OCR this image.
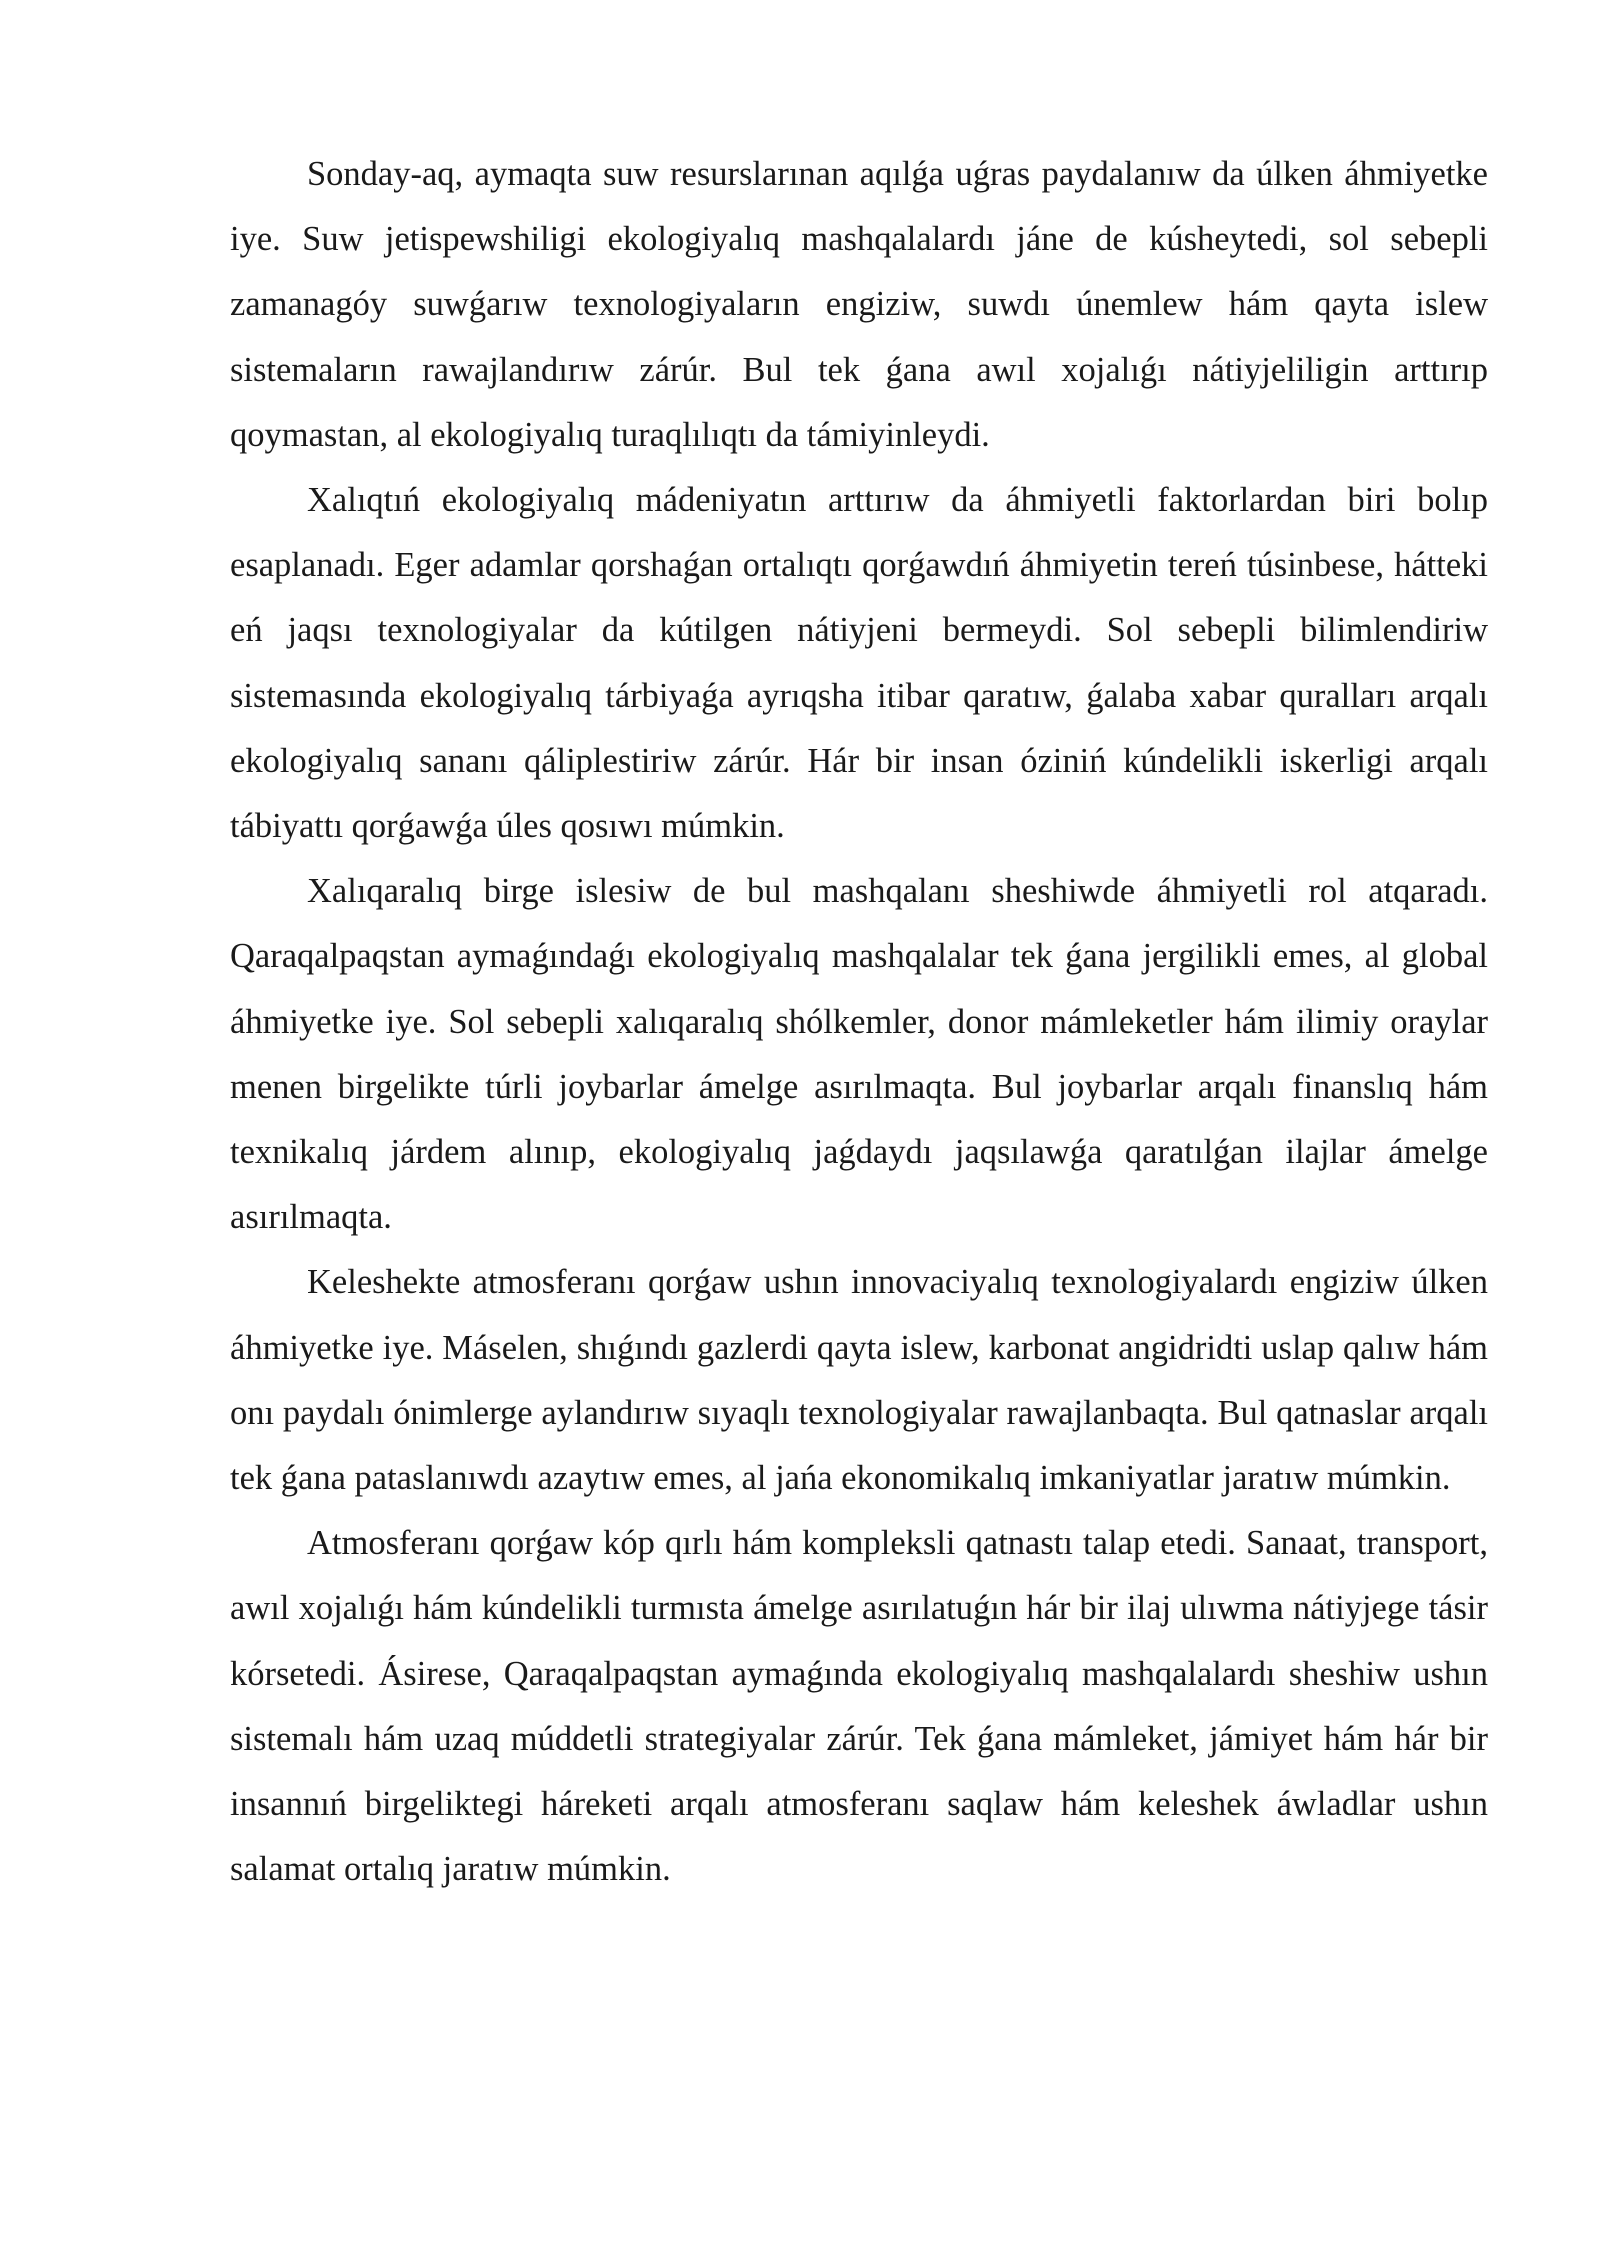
Sonday-aq, aymaqta suw resurslarınan aqılǵa uǵras paydalanıw da úlken áhmiyetke iye. Suw jetispewshiligi ekologiyalıq mashqalalardı jáne de kúsheytedi, sol sebepli zamanagóy suwǵarıw texnologiyaların engiziw, suwdı únemlew hám qayta islew sistemaların rawajlandırıw zárúr. Bul tek ǵana awıl xojalıǵı nátiyjeliligin arttırıp qoymastan, al ekologiyalıq turaqlılıqtı da támiyinleydi.

Xalıqtıń ekologiyalıq mádeniyatın arttırıw da áhmiyetli faktorlardan biri bolıp esaplanadı. Eger adamlar qorshaǵan ortalıqtı qorǵawdıń áhmiyetin tereń túsinbese, hátteki eń jaqsı texnologiyalar da kútilgen nátiyjeni bermeydi. Sol sebepli bilimlendiriw sistemasında ekologiyalıq tárbiyaǵa ayrıqsha itibar qaratıw, ǵalaba xabar quralları arqalı ekologiyalıq sananı qáliplestiriw zárúr. Hár bir insan óziniń kúndelikli iskerligi arqalı tábiyattı qorǵawǵa úles qosıwı múmkin.

Xalıqaralıq birge islesiw de bul mashqalanı sheshiwde áhmiyetli rol atqaradı. Qaraqalpaqstan aymaǵındaǵı ekologiyalıq mashqalalar tek ǵana jergilikli emes, al global áhmiyetke iye. Sol sebepli xalıqaralıq shólkemler, donor mámleketler hám ilimiy oraylar menen birgelikte túrli joybarlar ámelge asırılmaqta. Bul joybarlar arqalı finanslıq hám texnikalıq járdem alınıp, ekologiyalıq jaǵdaydı jaqsılawǵa qaratılǵan ilajlar ámelge asırılmaqta.

Keleshekte atmosferanı qorǵaw ushın innovaciyalıq texnologiyalardı engiziw úlken áhmiyetke iye. Máselen, shıǵındı gazlerdi qayta islew, karbonat angidridti uslap qalıw hám onı paydalı ónimlerge aylandırıw sıyaqlı texnologiyalar rawajlanbaqta. Bul qatnaslar arqalı tek ǵana pataslanıwdı azaytıw emes, al jańa ekonomikalıq imkaniyatlar jaratıw múmkin.

Atmosferanı qorǵaw kóp qırlı hám kompleksli qatnastı talap etedi. Sanaat, transport, awıl xojalıǵı hám kúndelikli turmısta ámelge asırılatuǵın hár bir ilaj ulıwma nátiyjege tásir kórsetedi. Ásirese, Qaraqalpaqstan aymaǵında ekologiyalıq mashqalalardı sheshiw ushın sistemalı hám uzaq múddetli strategiyalar zárúr. Tek ǵana mámleket, jámiyet hám hár bir insannıń birgeliktegi háreketi arqalı atmosferanı saqlaw hám keleshek áwladlar ushın salamat ortalıq jaratıw múmkin.
